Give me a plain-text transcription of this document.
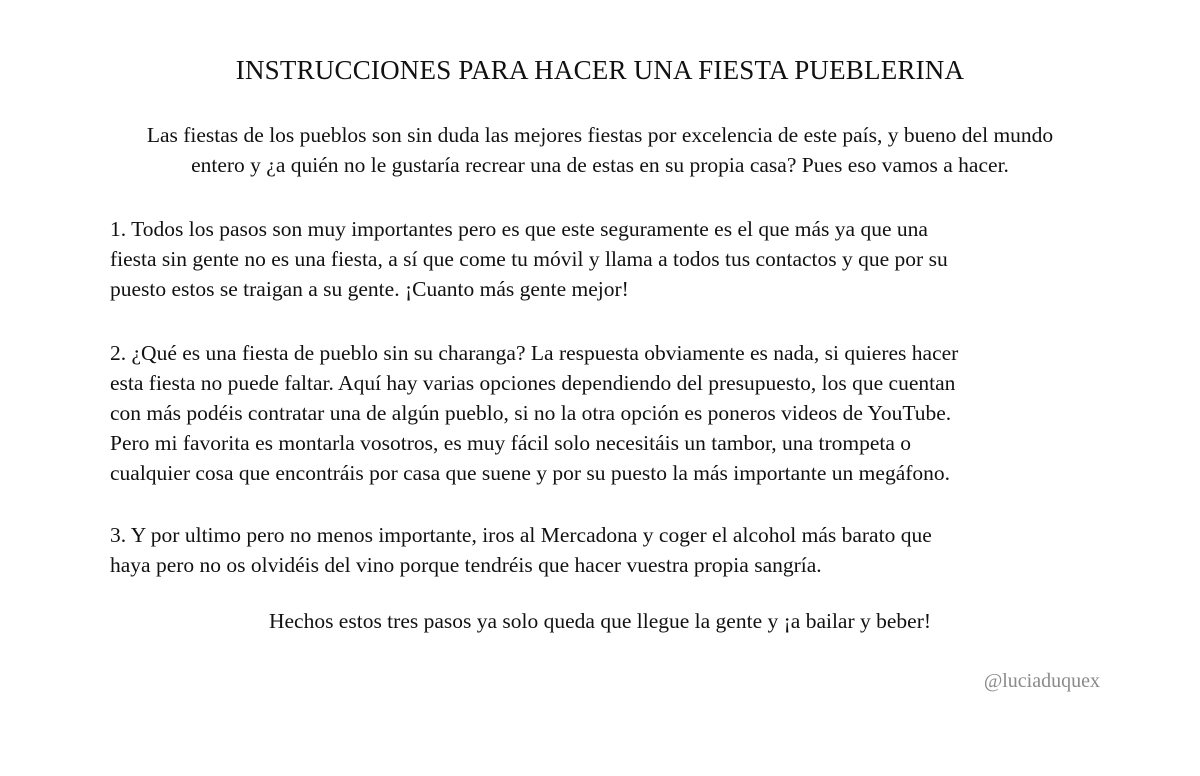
INSTRUCCIONES PARA HACER UNA FIESTA PUEBLERINA
Las fiestas de los pueblos son sin duda las mejores fiestas por excelencia de este país, y bueno del mundo
entero y ¿a quién no le gustaría recrear una de estas en su propia casa? Pues eso vamos a hacer.
1. Todos los pasos son muy importantes pero es que este seguramente es el que más ya que una
fiesta sin gente no es una fiesta, a sí que come tu móvil y llama a todos tus contactos y que por su
puesto estos se traigan a su gente. ¡Cuanto más gente mejor!
2. ¿Qué es una fiesta de pueblo sin su charanga? La respuesta obviamente es nada, si quieres hacer
esta fiesta no puede faltar. Aquí hay varias opciones dependiendo del presupuesto, los que cuentan
con más podéis contratar una de algún pueblo, si no la otra opción es poneros videos de YouTube.
Pero mi favorita es montarla vosotros, es muy fácil solo necesitáis un tambor, una trompeta o
cualquier cosa que encontráis por casa que suene y por su puesto la más importante un megáfono.
3. Y por ultimo pero no menos importante, iros al Mercadona y coger el alcohol más barato que
haya pero no os olvidéis del vino porque tendréis que hacer vuestra propia sangría.
Hechos estos tres pasos ya solo queda que llegue la gente y ¡a bailar y beber!
@luciaduquex
